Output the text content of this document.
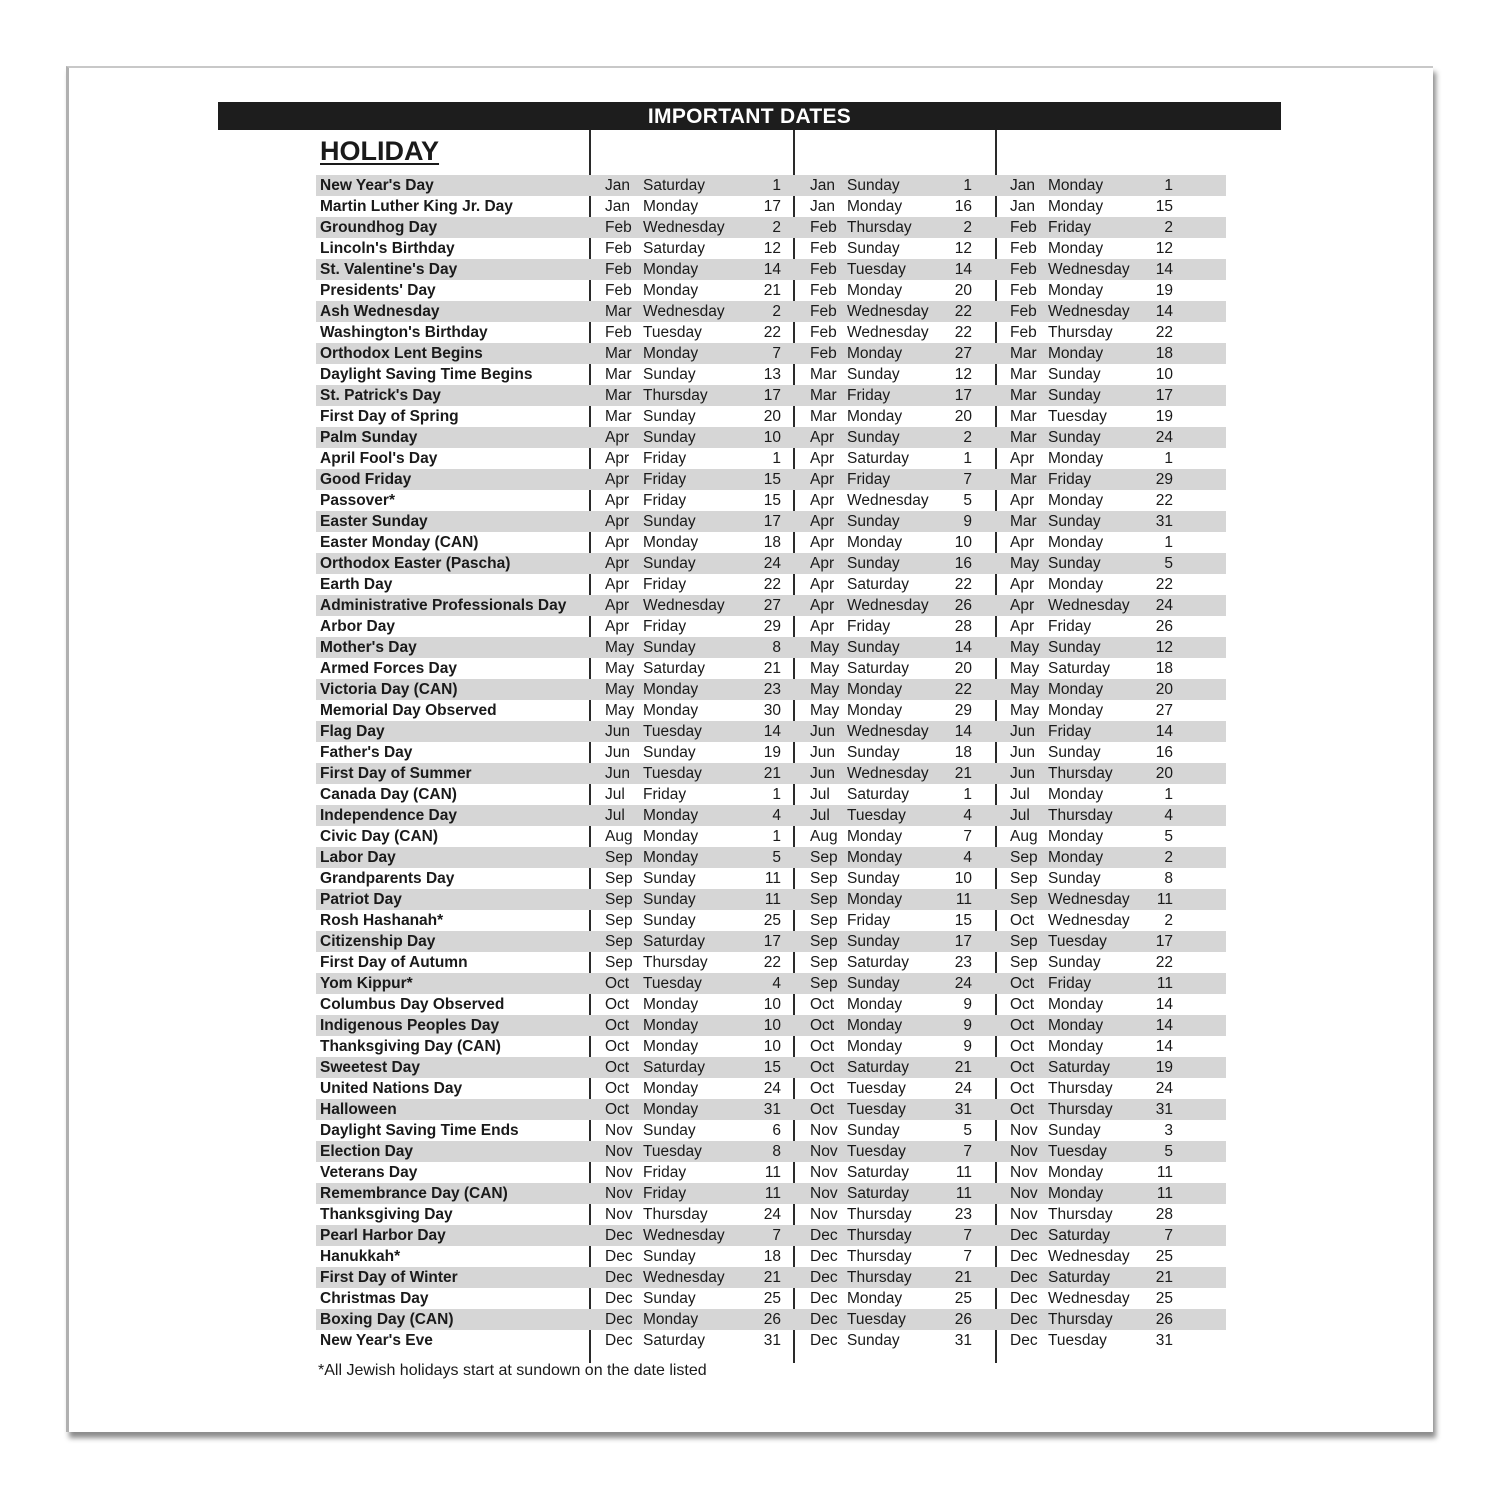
IMPORTANT DATES
HOLIDAY
New Year's Day	Jan Saturday	1 Jan Sunday	1 Jan Monday	1
Martin Luther King Jr. Day	Jan Monday	17 Jan Monday	16 Jan Monday	15
Groundhog Day	Feb Wednesday	2 Feb Thursday	2 Feb Friday	2
Lincoln's Birthday	Feb Saturday	12 Feb Sunday	12 Feb Monday	12
St. Valentine's Day	Feb Monday	14 Feb Tuesday	14 Feb Wednesday	14
Presidents' Day	Feb Monday	21 Feb Monday	20 Feb Monday	19
Ash Wednesday	Mar Wednesday	2 Feb Wednesday	22 Feb Wednesday	14
Washington's Birthday	Feb Tuesday	22 Feb Wednesday	22 Feb Thursday	22
Orthodox Lent Begins	Mar Monday	7 Feb Monday	27 Mar Monday	18
Daylight Saving Time Begins	Mar Sunday	13 Mar Sunday	12 Mar Sunday	10
St. Patrick's Day	Mar Thursday	17 Mar Friday	17 Mar Sunday	17
First Day of Spring	Mar Sunday	20 Mar Monday	20 Mar Tuesday	19
Palm Sunday	Apr Sunday	10 Apr Sunday	2 Mar Sunday	24
April Fool's Day	Apr Friday	1 Apr Saturday	1 Apr Monday	1
Good Friday	Apr Friday	15 Apr Friday	7 Mar Friday	29
Passover*	Apr Friday	15 Apr Wednesday	5 Apr Monday	22
Easter Sunday	Apr Sunday	17 Apr Sunday	9 Mar Sunday	31
Easter Monday (CAN)	Apr Monday	18 Apr Monday	10 Apr Monday	1
Orthodox Easter (Pascha)	Apr Sunday	24 Apr Sunday	16 May Sunday	5
Earth Day	Apr Friday	22 Apr Saturday	22 Apr Monday	22
Administrative Professionals Day Apr Wednesday	27 Apr Wednesday	26 Apr Wednesday	24
Arbor Day	Apr Friday	29 Apr Friday	28 Apr Friday	26
Mother's Day	May Sunday	8 May Sunday	14 May Sunday	12
Armed Forces Day	May Saturday	21 May Saturday	20 May Saturday	18
Victoria Day (CAN)	May Monday	23 May Monday	22 May Monday	20
Memorial Day Observed	May Monday	30 May Monday	29 May Monday	27
Flag Day	Jun Tuesday	14 Jun Wednesday	14 Jun Friday	14
Father's Day	Jun Sunday	19 Jun Sunday	18 Jun Sunday	16
First Day of Summer	Jun Tuesday	21 Jun Wednesday	21 Jun Thursday	20
Canada Day (CAN)	Jul Friday	1 Jul Saturday	1 Jul Monday	1
Independence Day	Jul Monday	4 Jul Tuesday	4 Jul Thursday	4
Civic Day (CAN)	Aug Monday	1 Aug Monday	7 Aug Monday	5
Labor Day	Sep Monday	5 Sep Monday	4 Sep Monday	2
Grandparents Day	Sep Sunday	11 Sep Sunday	10 Sep Sunday	8
Patriot Day	Sep Sunday	11 Sep Monday	11 Sep Wednesday	11
Rosh Hashanah*	Sep Sunday	25 Sep Friday	15 Oct Wednesday	2
Citizenship Day	Sep Saturday	17 Sep Sunday	17 Sep Tuesday	17
First Day of Autumn	Sep Thursday	22 Sep Saturday	23 Sep Sunday	22
Yom Kippur*	Oct Tuesday	4 Sep Sunday	24 Oct Friday	11
Columbus Day Observed	Oct Monday	10 Oct Monday	9 Oct Monday	14
Indigenous Peoples Day	Oct Monday	10 Oct Monday	9 Oct Monday	14
Thanksgiving Day (CAN)	Oct Monday	10 Oct Monday	9 Oct Monday	14
Sweetest Day	Oct Saturday	15 Oct Saturday	21 Oct Saturday	19
United Nations Day	Oct Monday	24 Oct Tuesday	24 Oct Thursday	24
Halloween	Oct Monday	31 Oct Tuesday	31 Oct Thursday	31
Daylight Saving Time Ends	Nov Sunday	6 Nov Sunday	5 Nov Sunday	3
Election Day	Nov Tuesday	8 Nov Tuesday	7 Nov Tuesday	5
Veterans Day	Nov Friday	11 Nov Saturday	11 Nov Monday	11
Remembrance Day (CAN)	Nov Friday	11 Nov Saturday	11 Nov Monday	11
Thanksgiving Day	Nov Thursday	24 Nov Thursday	23 Nov Thursday	28
Pearl Harbor Day	Dec Wednesday	7 Dec Thursday	7 Dec Saturday	7
Hanukkah*	Dec Sunday	18 Dec Thursday	7 Dec Wednesday	25
First Day of Winter	Dec Wednesday	21 Dec Thursday	21 Dec Saturday	21
Christmas Day	Dec Sunday	25 Dec Monday	25 Dec Wednesday	25
Boxing Day (CAN)	Dec Monday	26 Dec Tuesday	26 Dec Thursday	26
New Year's Eve	Dec Saturday	31 Dec Sunday	31 Dec Tuesday	31
*All Jewish holidays start at sundown on the date listed
